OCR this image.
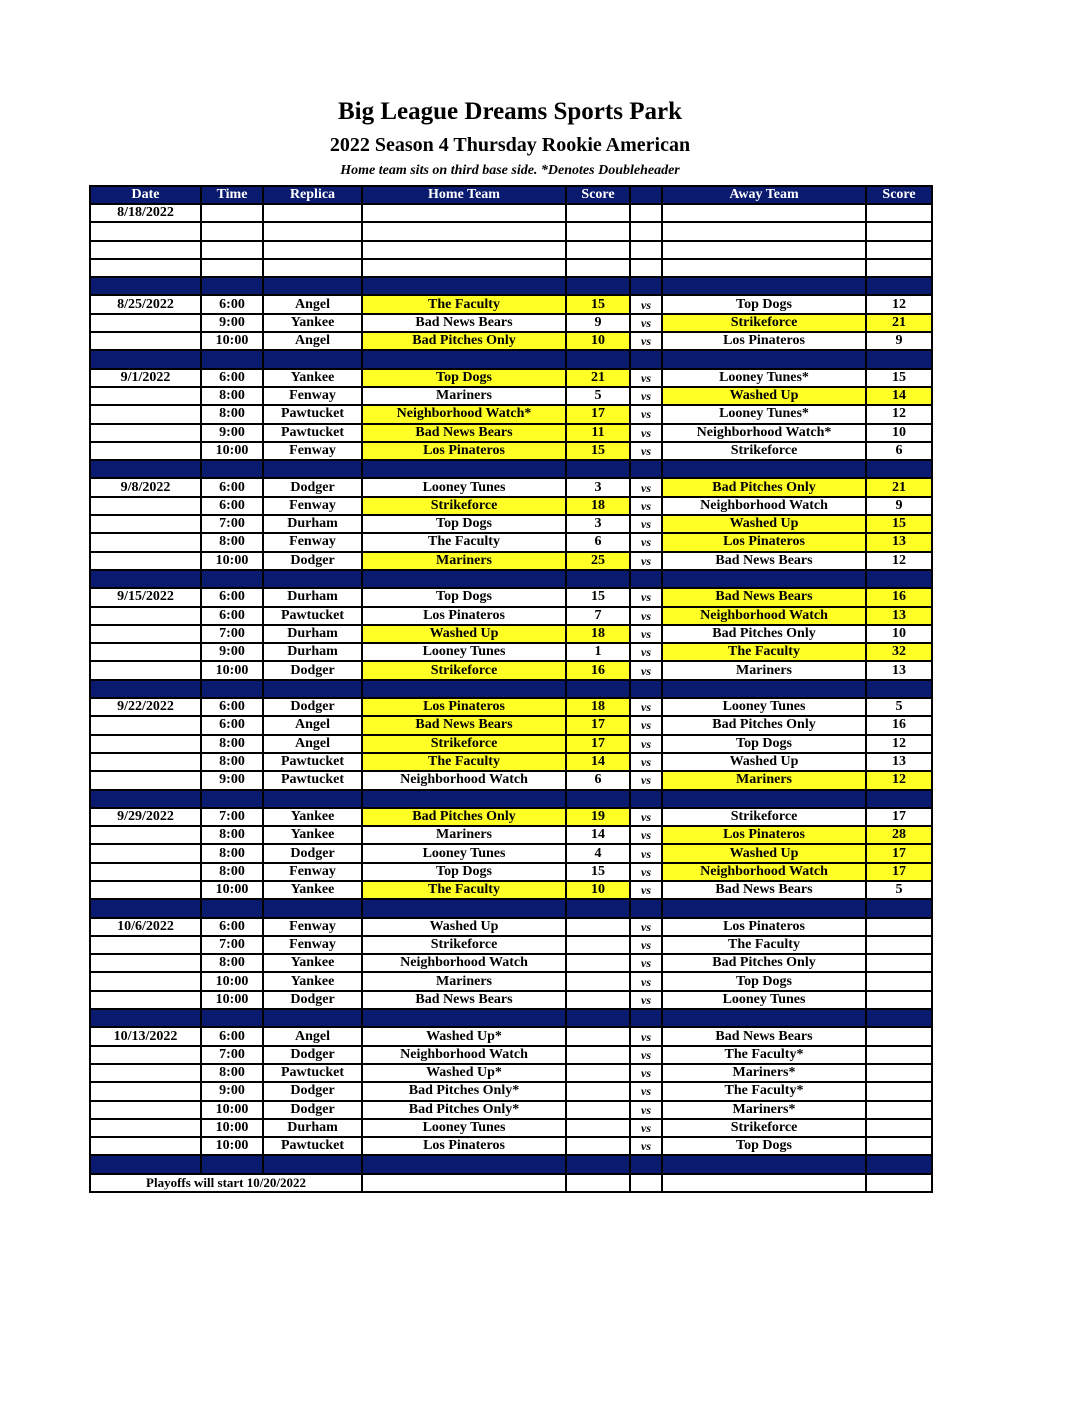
Big League Dreams Sports Park
2022 Season 4 Thursday Rookie American
Home team sits on third base side. *Denotes Doubleheader
Date	Time	Replica	Home Team	Score		Away Team	Score
8/18/2022							

8/25/2022	6:00	Angel	The Faculty	15	vs	Top Dogs	12
	9:00	Yankee	Bad News Bears	9	vs	Strikeforce	21
	10:00	Angel	Bad Pitches Only	10	vs	Los Pinateros	9

9/1/2022	6:00	Yankee	Top Dogs	21	vs	Looney Tunes*	15
	8:00	Fenway	Mariners	5	vs	Washed Up	14
	8:00	Pawtucket	Neighborhood Watch*	17	vs	Looney Tunes*	12
	9:00	Pawtucket	Bad News Bears	11	vs	Neighborhood Watch*	10
	10:00	Fenway	Los Pinateros	15	vs	Strikeforce	6

9/8/2022	6:00	Dodger	Looney Tunes	3	vs	Bad Pitches Only	21
	6:00	Fenway	Strikeforce	18	vs	Neighborhood Watch	9
	7:00	Durham	Top Dogs	3	vs	Washed Up	15
	8:00	Fenway	The Faculty	6	vs	Los Pinateros	13
	10:00	Dodger	Mariners	25	vs	Bad News Bears	12

9/15/2022	6:00	Durham	Top Dogs	15	vs	Bad News Bears	16
	6:00	Pawtucket	Los Pinateros	7	vs	Neighborhood Watch	13
	7:00	Durham	Washed Up	18	vs	Bad Pitches Only	10
	9:00	Durham	Looney Tunes	1	vs	The Faculty	32
	10:00	Dodger	Strikeforce	16	vs	Mariners	13

9/22/2022	6:00	Dodger	Los Pinateros	18	vs	Looney Tunes	5
	6:00	Angel	Bad News Bears	17	vs	Bad Pitches Only	16
	8:00	Angel	Strikeforce	17	vs	Top Dogs	12
	8:00	Pawtucket	The Faculty	14	vs	Washed Up	13
	9:00	Pawtucket	Neighborhood Watch	6	vs	Mariners	12

9/29/2022	7:00	Yankee	Bad Pitches Only	19	vs	Strikeforce	17
	8:00	Yankee	Mariners	14	vs	Los Pinateros	28
	8:00	Dodger	Looney Tunes	4	vs	Washed Up	17
	8:00	Fenway	Top Dogs	15	vs	Neighborhood Watch	17
	10:00	Yankee	The Faculty	10	vs	Bad News Bears	5

10/6/2022	6:00	Fenway	Washed Up		vs	Los Pinateros	
	7:00	Fenway	Strikeforce		vs	The Faculty	
	8:00	Yankee	Neighborhood Watch		vs	Bad Pitches Only	
	10:00	Yankee	Mariners		vs	Top Dogs	
	10:00	Dodger	Bad News Bears		vs	Looney Tunes	

10/13/2022	6:00	Angel	Washed Up*		vs	Bad News Bears	
	7:00	Dodger	Neighborhood Watch		vs	The Faculty*	
	8:00	Pawtucket	Washed Up*		vs	Mariners*	
	9:00	Dodger	Bad Pitches Only*		vs	The Faculty*	
	10:00	Dodger	Bad Pitches Only*		vs	Mariners*	
	10:00	Durham	Looney Tunes		vs	Strikeforce	
	10:00	Pawtucket	Los Pinateros		vs	Top Dogs	

Playoffs will start 10/20/2022							
